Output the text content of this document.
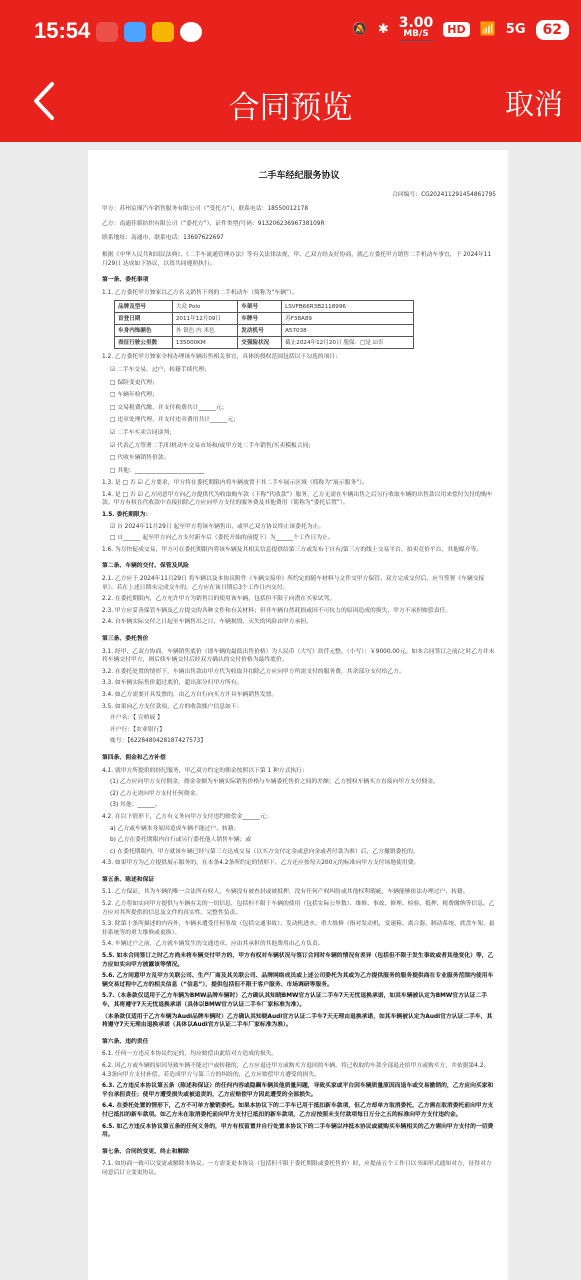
15:54	🔕 ✱ 3.00
MB/S	HD	📶 5G	62
合同预览	取消
二手车经纪服务协议
合同编号：CG202411291454861795
甲方：苏州宸瑾汽车销售服务有限公司（“受托方”），联系电话：18550012178
乙方：南通佳韬纺织有限公司（“委托方”），证件类型/号码：91320623696738109R
联系地址：南通市，联系电话：13697622697
根据《中华人民共和国民法典》、《二手车流通管理办法》等有关法律法规，甲、乙双方经友好协商，就乙方委托甲方销售二手机动车事宜，于 2024年11月29日 达成如下协议，以资共同遵照执行。
第一条、委托事项
1.1. 乙方委托甲方独家以乙方名义销售下列的二手机动车（简称为“车辆”）。
品牌及型号	大众 Polo	车架号	LSVFB66R3B2118996
首登日期	2011年12月09日	车牌号	苏F38A89
车身内饰颜色	外 银色 内 米色	发动机号	A57038
表征行驶公里数	135000KM	交强险状况	截止2024年12月20日 脱保：□是 ☑否
1.2. 乙方委托甲方独家全权办理该车辆出售相关事宜，具体的授权范围包括以下勾选的项目：
☑ 二手车交易，过户，转籍手续代理；
□ 保险变更代理；
□ 车辆年检代理；
□ 交易税费代缴，并支付税费共计______元；
□ 违章处理代理，并支付违章费用共计______元；
☑ 二手车买卖合同谈判；
☑ 代表乙方签署二手/旧机动车交易市场和/或甲方处二手车销售/买卖模板合同；
□ 代收车辆销售价款；
□ 其他：________________________
1.3. 是 □ 否 ☑ 乙方要求，甲方将在委托期限内将车辆放置于其二手车展示区域（简称为“展示服务”）。
1.4. 是 □ 否 ☑ 乙方同意甲方向乙方提供代为收取购车款（下称“代收款”）服务，乙方无需在车辆出售之后另行收取车辆的出售款以用来偿付欠付的购车款。甲方有权在代收款中直接扣除乙方应向甲方支付的服务费及其他费用（简称为“委托后置”）。
1.5. 委托期限为：
☑ 自 2024年11月29日 起至甲方将该车辆售出，或甲乙双方协议终止该委托为止。
□ 自______ 起至甲方向乙方支付新车后（委托开始的前提下）为______个工作日为止。
1.6. 为尽快促成交易，甲方可在委托期限内将该车辆及其相关信息提供给第三方或发布于自有/第三方的线上交易平台、拍卖竞价平台、其他媒介等。
第二条、车辆的交付、保管及风险
2.1. 乙方应于 2024年11月29日 将车辆以及本协议附件《车辆交接单》所约定的随车材料与文件交甲方保管。双方完成交付后，应当签署《车辆交接单》。若在上述日期未完成交车的，乙方应在该日期后3个工作日内交付。
2.2. 在委托期限内，乙方允许甲方为销售目的使用该车辆，包括但不限于向潜在买家试驾。
2.3. 甲方应妥善保管车辆及乙方提交的各种文件和有关材料；但非车辆自然耗损或因不可抗力的原因造成的损失，甲方不承担赔偿责任。
2.4. 自车辆实际交付之日起至车辆售出之日，车辆损毁、灭失的风险由甲方承担。
第三条、委托售价
3.1. 经甲、乙双方协商，车辆销售底价（即车辆的最低出售价格）为人民币（大写）玖仟元整，（小写）：￥9000.00元。如本合同签订之前/之时乙方并未将车辆交付甲方，则后续车辆交付后经双方确认的交付价格为最终底价。
3.2. 在委托处置的情形下，车辆出售款由甲方代为收取并扣除乙方应向甲方所需支付的服务费，其余部分支付给乙方。
3.3. 如车辆实际售价超过底价，超出部分归甲方所有。
3.4. 如乙方需要开具发票的，由乙方自行向买方开具车辆销售发票。
3.5. 如果向乙方支付款项，乙方的收款账户信息如下：
开户名：【 宣桥展 】
开户行：【农业银行】
账号：【6228480428187427573】
第四条、佣金和乙方补偿
4.1. 就甲方所提供的经纪服务，甲乙双方约定的佣金按照以下第 1 种方式执行：
(1) 乙方应向甲方支付佣金，佣金金额为车辆实际销售价格与车辆委托售价之间的差额；乙方授权车辆买方直接向甲方支付佣金。
(2) 乙方无需向甲方支付任何佣金。
(3) 其他：______。
4.2. 在以下情形下，乙方有义务向甲方支付违约赔偿金______元：
a) 乙方或车辆本身原因造成车辆不能过户、转籍；
b) 乙方在委托期限内自行或另行委托他人销售车辆；或
c) 在委托期限内，甲方就该车辆已经与第三方达成交易（以买方交付定金或意向金或者付款为准）后，乙方撤销委托的。
4.3. 如果甲方为乙方提供展示服务的，在本条4.2条所约定的情形下，乙方还应按每天200元的标准向甲方支付场地使用费。
第五条、陈述和保证
5.1. 乙方保证，其为车辆的唯一合法所有权人，车辆没有被查封或被抵押，没有任何产权纠纷或其他权利瑕疵，车辆能够依法办理过户、转籍。
5.2. 乙方将如实向甲方提供与车辆有关的一切信息，包括但不限于车辆的使用（包括实际公里数）、维修、事故、修理、检验、抵押、税费缴纳等信息。乙方应对其所提供的信息及文件的真实性、完整性负责。
5.3. 除第十条所描述的内容外，车辆未遭受任何事故（包括交通事故）、发动机进水、重大维修（指对发动机、变速箱、离合器、制动系统、底盘车架、悬挂系统等的重大维修或更换）。
5.4. 车辆过户之前，乙方就车辆发生的交通违章、应由其承担的其他费用由乙方负责。
5.5. 如本合同签订之时乙方尚未将车辆交付甲方的，甲方有权对车辆状况与签订合同时车辆的情况有差异（包括但不限于发生事故或者其他变化）等，乙方应如实向甲方披露该等情况。
5.6. 乙方同意甲方及甲方关联公司、生产厂商及其关联公司、品牌网络成员或上述公司委托为其或为乙方提供服务的服务提供商在专业服务范围内使用车辆交易过程中乙方的相关信息（“信息”），提供包括但不限于客户服务、市场调研等服务。
5.7.（本条款仅适用于乙方车辆为BMW品牌车辆时）乙方确认其知晓BMW官方认证二手车7天无忧退换承诺，如其车辆被认定为BMW官方认证二手车，其将遵守7天无忧退换承诺（具体以BMW官方认证二手车厂家标准为准）。
（本条款仅适用于乙方车辆为Audi品牌车辆时）乙方确认其知晓Audi官方认证二手车7天无理由退换承诺，如其车辆被认定为Audi官方认证二手车，其将遵守7天无理由退换承诺（具体以Audi官方认证二手车厂家标准为准）。
第六条、违约责任
6.1. 任何一方违反本协议约定的，均应赔偿由此给对方造成的损失。
6.2. 因乙方或车辆的原因导致车辆不能过户或转籍的，乙方应退还甲方或购买方退回的车辆，将已收取的车款全部退还给甲方或购买方，并依据第4.2、4.3条向甲方支付补偿。若造成甲方与第三方的纠纷的，乙方应赔偿甲方遭受的损失。
6.3. 乙方违反本协议第五条（陈述和保证）的任何内容或隐瞒车辆其他质量问题，导致买家或平台因车辆质量原因而退车或交易撤销的，乙方应向买家和平台承担责任；使甲方遭受损失或被追责的，乙方应赔偿甲方因此遭受的全部损失。
6.4. 在委托处置的情形下，乙方不可单方撤销委托。如果本协议下的二手车已用于抵扣新车款项，但乙方却单方取消委托，乙方需在取消委托前向甲方支付已抵扣的新车款项。如乙方未在取消委托前向甲方支付已抵扣的新车款项，乙方应按照未支付款项每日万分之五的标准向甲方支付违约金。
6.5. 如乙方违反本协议第五条的任何义务的，甲方有权留置并自行处置本协议下的二手车辆以冲抵本协议或就购买车辆相关的乙方需向甲方支付的一切费用。
第七条、合同的变更、终止和解除
7.1. 如协商一致可以变更或解除本协议。一方需变更本协议（包括但不限于委托期限或委托售价）时，应提前五个工作日以书面形式通知对方，征得对方同意后订立变更协议。
